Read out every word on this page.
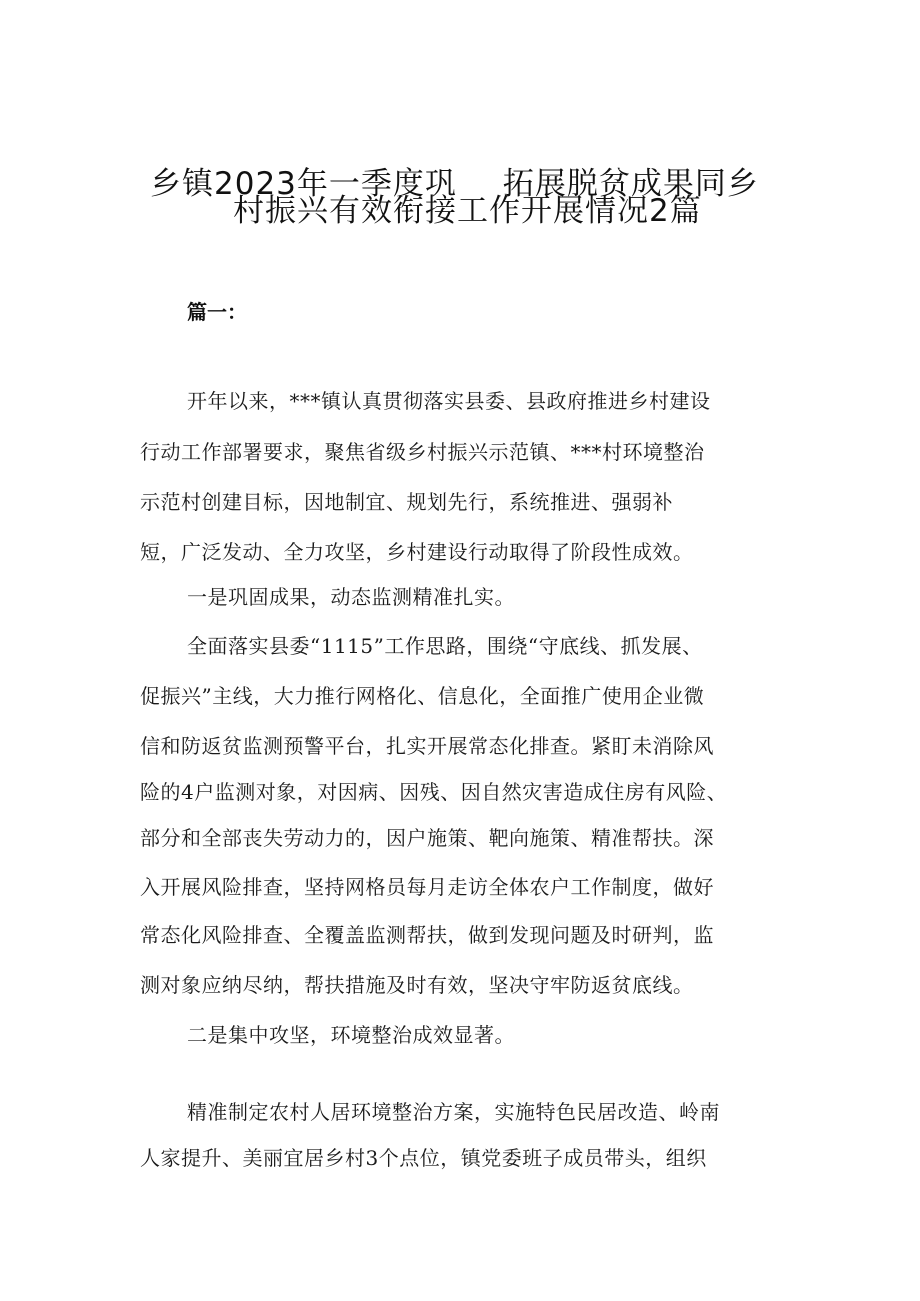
乡镇2023年一季度巩 拓展脱贫成果同乡
村振兴有效衔接工作开展情况2篇
篇一：
开年以来，***镇认真贯彻落实县委、县政府推进乡村建设
行动工作部署要求，聚焦省级乡村振兴示范镇、***村环境整治
示范村创建目标，因地制宜、规划先行，系统推进、强弱补
短，广泛发动、全力攻坚，乡村建设行动取得了阶段性成效。
一是巩固成果，动态监测精准扎实。
全面落实县委“1115”工作思路，围绕“守底线、抓发展、
促振兴”主线，大力推行网格化、信息化，全面推广使用企业微
信和防返贫监测预警平台，扎实开展常态化排查。紧盯未消除风
险的4户监测对象，对因病、因残、因自然灾害造成住房有风险、
部分和全部丧失劳动力的，因户施策、靶向施策、精准帮扶。深
入开展风险排查，坚持网格员每月走访全体农户工作制度，做好
常态化风险排查、全覆盖监测帮扶，做到发现问题及时研判，监
测对象应纳尽纳，帮扶措施及时有效，坚决守牢防返贫底线。
二是集中攻坚，环境整治成效显著。
精准制定农村人居环境整治方案，实施特色民居改造、岭南
人家提升、美丽宜居乡村3个点位，镇党委班子成员带头，组织
